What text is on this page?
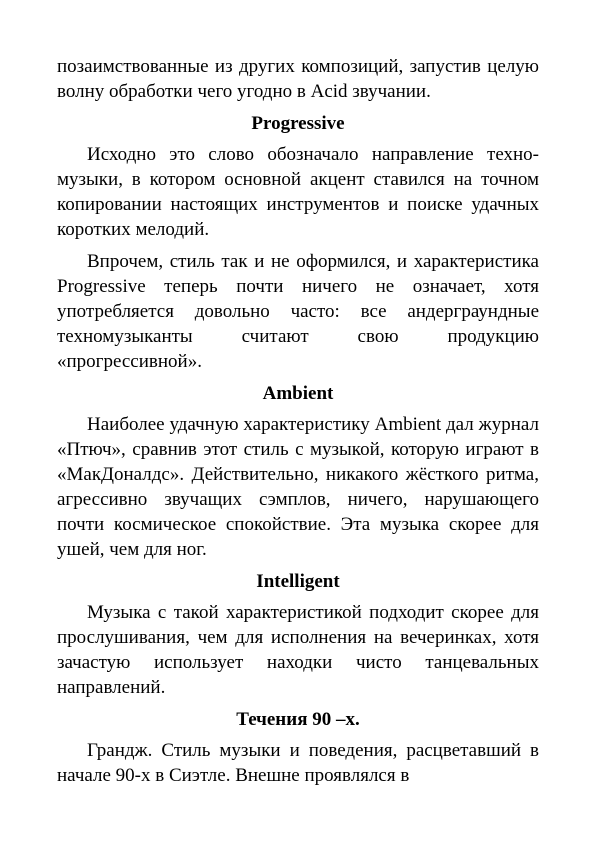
позаимствованные из других композиций, запустив целую волну обработки чего угодно в Acid звучании.

Progressive

Исходно это слово обозначало направление техно-музыки, в котором основной акцент ставился на точном копировании настоящих инструментов и поиске удачных коротких мелодий.

Впрочем, стиль так и не оформился, и характеристика Progressive теперь почти ничего не означает, хотя употребляется довольно часто: все андерграундные техномузыканты считают свою продукцию «прогрессивной».

Ambient

Наиболее удачную характеристику Ambient дал журнал «Птюч», сравнив этот стиль с музыкой, которую играют в «МакДоналдс». Действительно, никакого жёсткого ритма, агрессивно звучащих сэмплов, ничего, нарушающего почти космическое спокойствие. Эта музыка скорее для ушей, чем для ног.

Intelligent

Музыка с такой характеристикой подходит скорее для прослушивания, чем для исполнения на вечеринках, хотя зачастую использует находки чисто танцевальных направлений.

Течения 90 –х.

Грандж. Стиль музыки и поведения, расцветавший в начале 90-х в Сиэтле. Внешне проявлялся в
